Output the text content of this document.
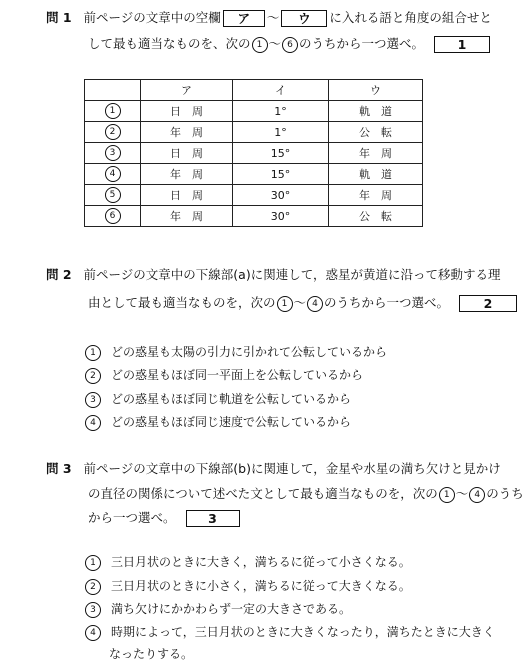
問 1 前ページの文章中の空欄 ア ～ ウ に入れる語と角度の組合せと
して最も適当なものを、次の 1 ～ 6 のうちから一つ選べ。	1
	ア	イ	ウ
1	日　周	1°	軌　道
2	年　周	1°	公　転
3	日　周	15°	年　周
4	年　周	15°	軌　道
5	日　周	30°	年　周
6	年　周	30°	公　転
問 2 前ページの文章中の下線部(a)に関連して，惑星が黄道に沿って移動する理
由として最も適当なものを，次の 1 ～ 4 のうちから一つ選べ。	2
1 どの惑星も太陽の引力に引かれて公転しているから
2 どの惑星もほぼ同一平面上を公転しているから
3 どの惑星もほぼ同じ軌道を公転しているから
4 どの惑星もほぼ同じ速度で公転しているから
問 3 前ページの文章中の下線部(b)に関連して，金星や水星の満ち欠けと見かけ
の直径の関係について述べた文として最も適当なものを，次の 1 ～ 4 のうち
から一つ選べ。	3
1 三日月状のときに大きく，満ちるに従って小さくなる。
2 三日月状のときに小さく，満ちるに従って大きくなる。
3 満ち欠けにかかわらず一定の大きさである。
4 時期によって，三日月状のときに大きくなったり，満ちたときに大きく
なったりする。
